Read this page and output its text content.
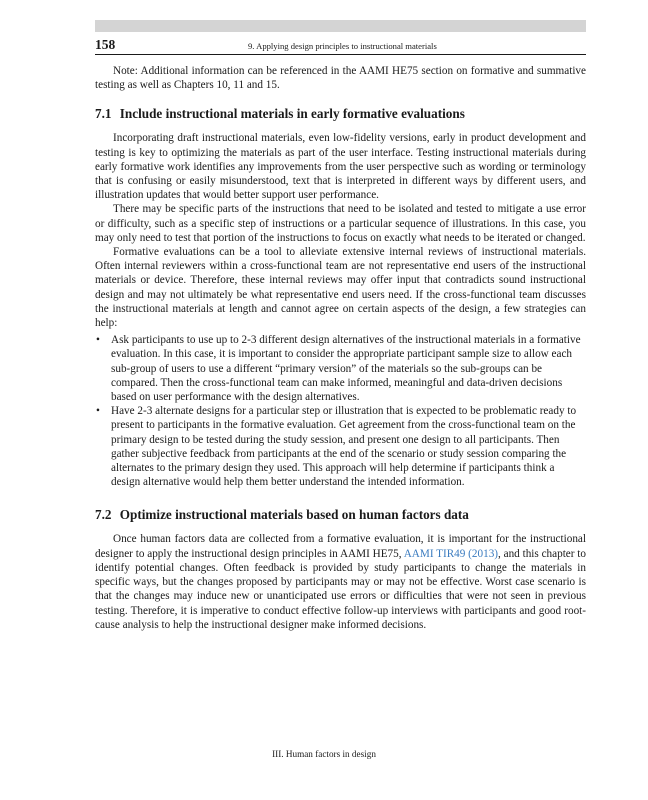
158	9. Applying design principles to instructional materials

Note: Additional information can be referenced in the AAMI HE75 section on formative and summative testing as well as Chapters 10, 11 and 15.

7.1 Include instructional materials in early formative evaluations

Incorporating draft instructional materials, even low-fidelity versions, early in product development and testing is key to optimizing the materials as part of the user interface. Testing instructional materials during early formative work identifies any improvements from the user perspective such as wording or terminology that is confusing or easily misunderstood, text that is interpreted in different ways by different users, and illustration updates that would better support user performance.

There may be specific parts of the instructions that need to be isolated and tested to mitigate a use error or difficulty, such as a specific step of instructions or a particular sequence of illustrations. In this case, you may only need to test that portion of the instructions to focus on exactly what needs to be iterated or changed.

Formative evaluations can be a tool to alleviate extensive internal reviews of instructional materials. Often internal reviewers within a cross-functional team are not representative end users of the instructional materials or device. Therefore, these internal reviews may offer input that contradicts sound instructional design and may not ultimately be what representative end users need. If the cross-functional team discusses the instructional materials at length and cannot agree on certain aspects of the design, a few strategies can help:

• Ask participants to use up to 2-3 different design alternatives of the instructional materials in a formative evaluation. In this case, it is important to consider the appropriate participant sample size to allow each sub-group of users to use a different “primary version” of the materials so the sub-groups can be compared. Then the cross-functional team can make informed, meaningful and data-driven decisions based on user performance with the design alternatives.
• Have 2-3 alternate designs for a particular step or illustration that is expected to be problematic ready to present to participants in the formative evaluation. Get agreement from the cross-functional team on the primary design to be tested during the study session, and present one design to all participants. Then gather subjective feedback from participants at the end of the scenario or study session comparing the alternates to the primary design they used. This approach will help determine if participants think a design alternative would help them better understand the intended information.
7.2 Optimize instructional materials based on human factors data

Once human factors data are collected from a formative evaluation, it is important for the instructional designer to apply the instructional design principles in AAMI HE75, AAMI TIR49 (2013), and this chapter to identify potential changes. Often feedback is provided by study participants to change the materials in specific ways, but the changes proposed by participants may or may not be effective. Worst case scenario is that the changes may induce new or unanticipated use errors or difficulties that were not seen in previous testing. Therefore, it is imperative to conduct effective follow-up interviews with participants and good root-cause analysis to help the instructional designer make informed decisions.

III. Human factors in design
